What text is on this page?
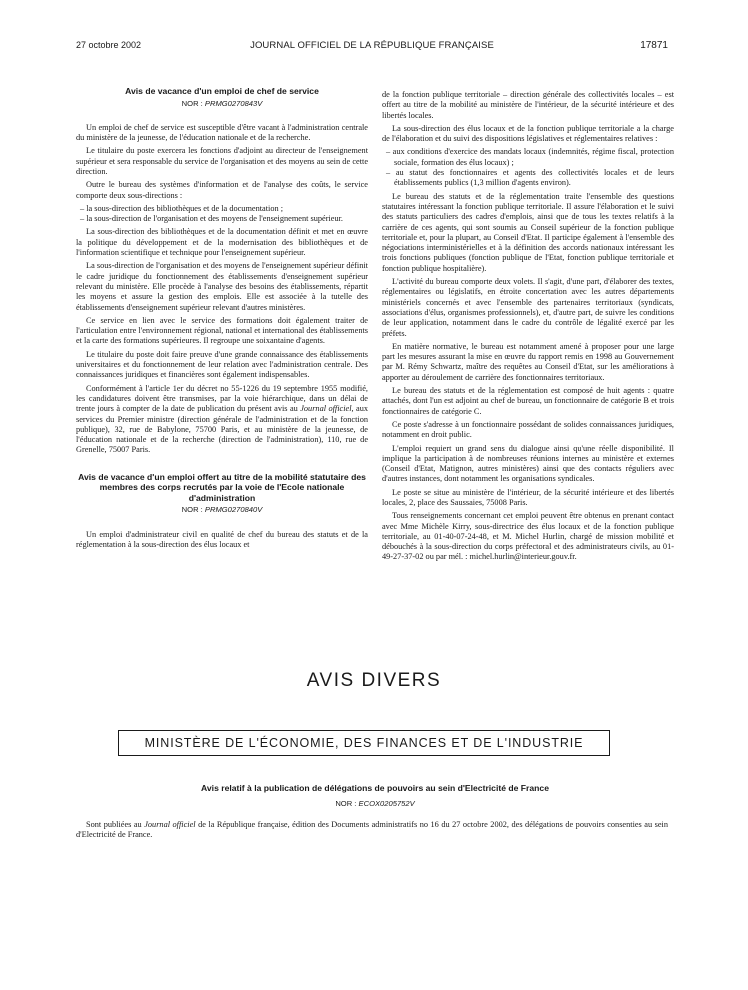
27 octobre 2002	JOURNAL OFFICIEL DE LA RÉPUBLIQUE FRANÇAISE	17871
Avis de vacance d'un emploi de chef de service
NOR : PRMG0270843V

Un emploi de chef de service est susceptible d'être vacant à l'administration centrale du ministère de la jeunesse, de l'éducation nationale et de la recherche.

Le titulaire du poste exercera les fonctions d'adjoint au directeur de l'enseignement supérieur et sera responsable du service de l'organisation et des moyens au sein de cette direction.

Outre le bureau des systèmes d'information et de l'analyse des coûts, le service comporte deux sous-directions :

– la sous-direction des bibliothèques et de la documentation ;
– la sous-direction de l'organisation et des moyens de l'enseignement supérieur.

La sous-direction des bibliothèques et de la documentation définit et met en œuvre la politique du développement et de la modernisation des bibliothèques et de l'information scientifique et technique pour l'enseignement supérieur.

La sous-direction de l'organisation et des moyens de l'enseignement supérieur définit le cadre juridique du fonctionnement des établissements d'enseignement supérieur relevant du ministère. Elle procède à l'analyse des besoins des établissements, répartit les moyens et assure la gestion des emplois. Elle est associée à la tutelle des établissements d'enseignement supérieur relevant d'autres ministères.

Ce service en lien avec le service des formations doit également traiter de l'articulation entre l'environnement régional, national et international des établissements et la carte des formations supérieures. Il regroupe une soixantaine d'agents.

Le titulaire du poste doit faire preuve d'une grande connaissance des établissements universitaires et du fonctionnement de leur relation avec l'administration centrale. Des connaissances juridiques et financières sont également indispensables.

Conformément à l'article 1er du décret no 55-1226 du 19 septembre 1955 modifié, les candidatures doivent être transmises, par la voie hiérarchique, dans un délai de trente jours à compter de la date de publication du présent avis au Journal officiel, aux services du Premier ministre (direction générale de l'administration et de la fonction publique), 32, rue de Babylone, 75700 Paris, et au ministère de la jeunesse, de l'éducation nationale et de la recherche (direction de l'administration), 110, rue de Grenelle, 75007 Paris.

Avis de vacance d'un emploi offert au titre de la mobilité statutaire des membres des corps recrutés par la voie de l'Ecole nationale d'administration
NOR : PRMG0270840V

Un emploi d'administrateur civil en qualité de chef du bureau des statuts et de la réglementation à la sous-direction des élus locaux et

de la fonction publique territoriale – direction générale des collectivités locales – est offert au titre de la mobilité au ministère de l'intérieur, de la sécurité intérieure et des libertés locales.

La sous-direction des élus locaux et de la fonction publique territoriale a la charge de l'élaboration et du suivi des dispositions législatives et réglementaires relatives :

– aux conditions d'exercice des mandats locaux (indemnités, régime fiscal, protection sociale, formation des élus locaux) ;
– au statut des fonctionnaires et agents des collectivités locales et de leurs établissements publics (1,3 million d'agents environ).

Le bureau des statuts et de la réglementation traite l'ensemble des questions statutaires intéressant la fonction publique territoriale. Il assure l'élaboration et le suivi des statuts particuliers des cadres d'emplois, ainsi que de tous les textes relatifs à la carrière de ces agents, qui sont soumis au Conseil supérieur de la fonction publique territoriale et, pour la plupart, au Conseil d'Etat. Il participe également à l'ensemble des négociations interministérielles et à la définition des accords nationaux intéressant les trois fonctions publiques (fonction publique de l'Etat, fonction publique territoriale et fonction publique hospitalière).

L'activité du bureau comporte deux volets. Il s'agit, d'une part, d'élaborer des textes, réglementaires ou législatifs, en étroite concertation avec les autres départements ministériels concernés et avec l'ensemble des partenaires territoriaux (syndicats, associations d'élus, organismes professionnels), et, d'autre part, de suivre les conditions de leur application, notamment dans le cadre du contrôle de légalité exercé par les préfets.

En matière normative, le bureau est notamment amené à proposer pour une large part les mesures assurant la mise en œuvre du rapport remis en 1998 au Gouvernement par M. Rémy Schwartz, maître des requêtes au Conseil d'Etat, sur les améliorations à apporter au déroulement de carrière des fonctionnaires territoriaux.

Le bureau des statuts et de la réglementation est composé de huit agents : quatre attachés, dont l'un est adjoint au chef de bureau, un fonctionnaire de catégorie B et trois fonctionnaires de catégorie C.

Ce poste s'adresse à un fonctionnaire possédant de solides connaissances juridiques, notamment en droit public.

L'emploi requiert un grand sens du dialogue ainsi qu'une réelle disponibilité. Il implique la participation à de nombreuses réunions internes au ministère et externes (Conseil d'Etat, Matignon, autres ministères) ainsi que des contacts réguliers avec d'autres instances, dont notamment les organisations syndicales.

Le poste se situe au ministère de l'intérieur, de la sécurité intérieure et des libertés locales, 2, place des Saussaies, 75008 Paris.

Tous renseignements concernant cet emploi peuvent être obtenus en prenant contact avec Mme Michèle Kirry, sous-directrice des élus locaux et de la fonction publique territoriale, au 01-40-07-24-48, et M. Michel Hurlin, chargé de mission mobilité et débouchés à la sous-direction du corps préfectoral et des administrateurs civils, au 01-49-27-37-02 ou par mél. : michel.hurlin@interieur.gouv.fr.

AVIS DIVERS
MINISTÈRE DE L'ÉCONOMIE, DES FINANCES ET DE L'INDUSTRIE
Avis relatif à la publication de délégations de pouvoirs au sein d'Electricité de France
NOR : ECOX0205752V
Sont publiées au Journal officiel de la République française, édition des Documents administratifs no 16 du 27 octobre 2002, des délégations de pouvoirs consenties au sein d'Electricité de France.
